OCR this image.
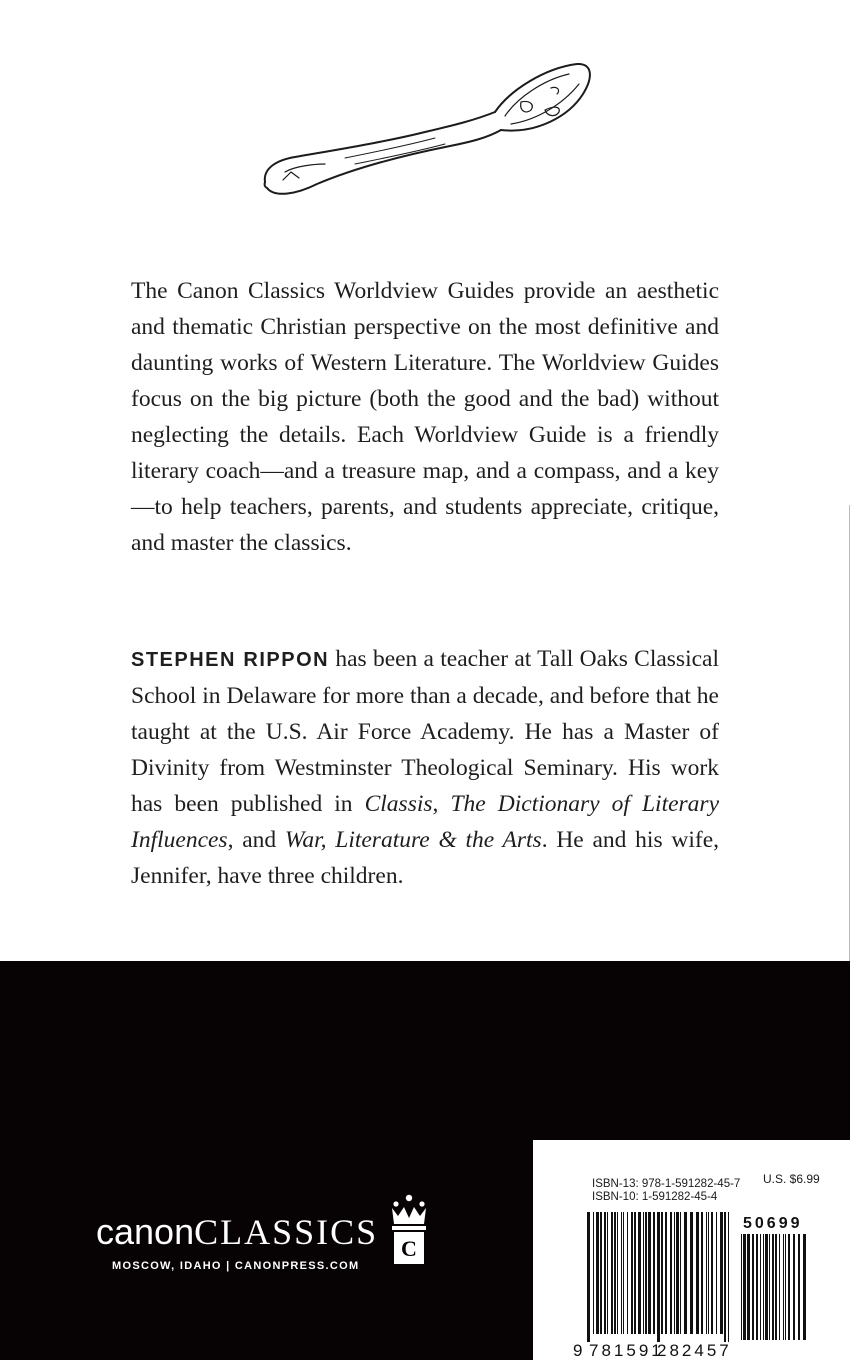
The Canon Classics Worldview Guides provide an aesthetic and thematic Christian perspective on the most definitive and daunting works of Western Literature. The Worldview Guides focus on the big picture (both the good and the bad) without neglecting the details. Each Worldview Guide is a friendly literary coach—and a treasure map, and a compass, and a key—to help teachers, parents, and students appreciate, critique, and master the classics.

STEPHEN RIPPON has been a teacher at Tall Oaks Classical School in Delaware for more than a decade, and before that he taught at the U.S. Air Force Academy. He has a Master of Divinity from Westminster Theological Seminary. His work has been published in Classis, The Dictionary of Literary Influences, and War, Literature & the Arts. He and his wife, Jennifer, have three children.

canonCLASSICS
MOSCOW, IDAHO | CANONPRESS.COM
C
ISBN-13: 978-1-591282-45-7
ISBN-10: 1-591282-45-4
U.S. $6.99
50699
9 781591
282457
